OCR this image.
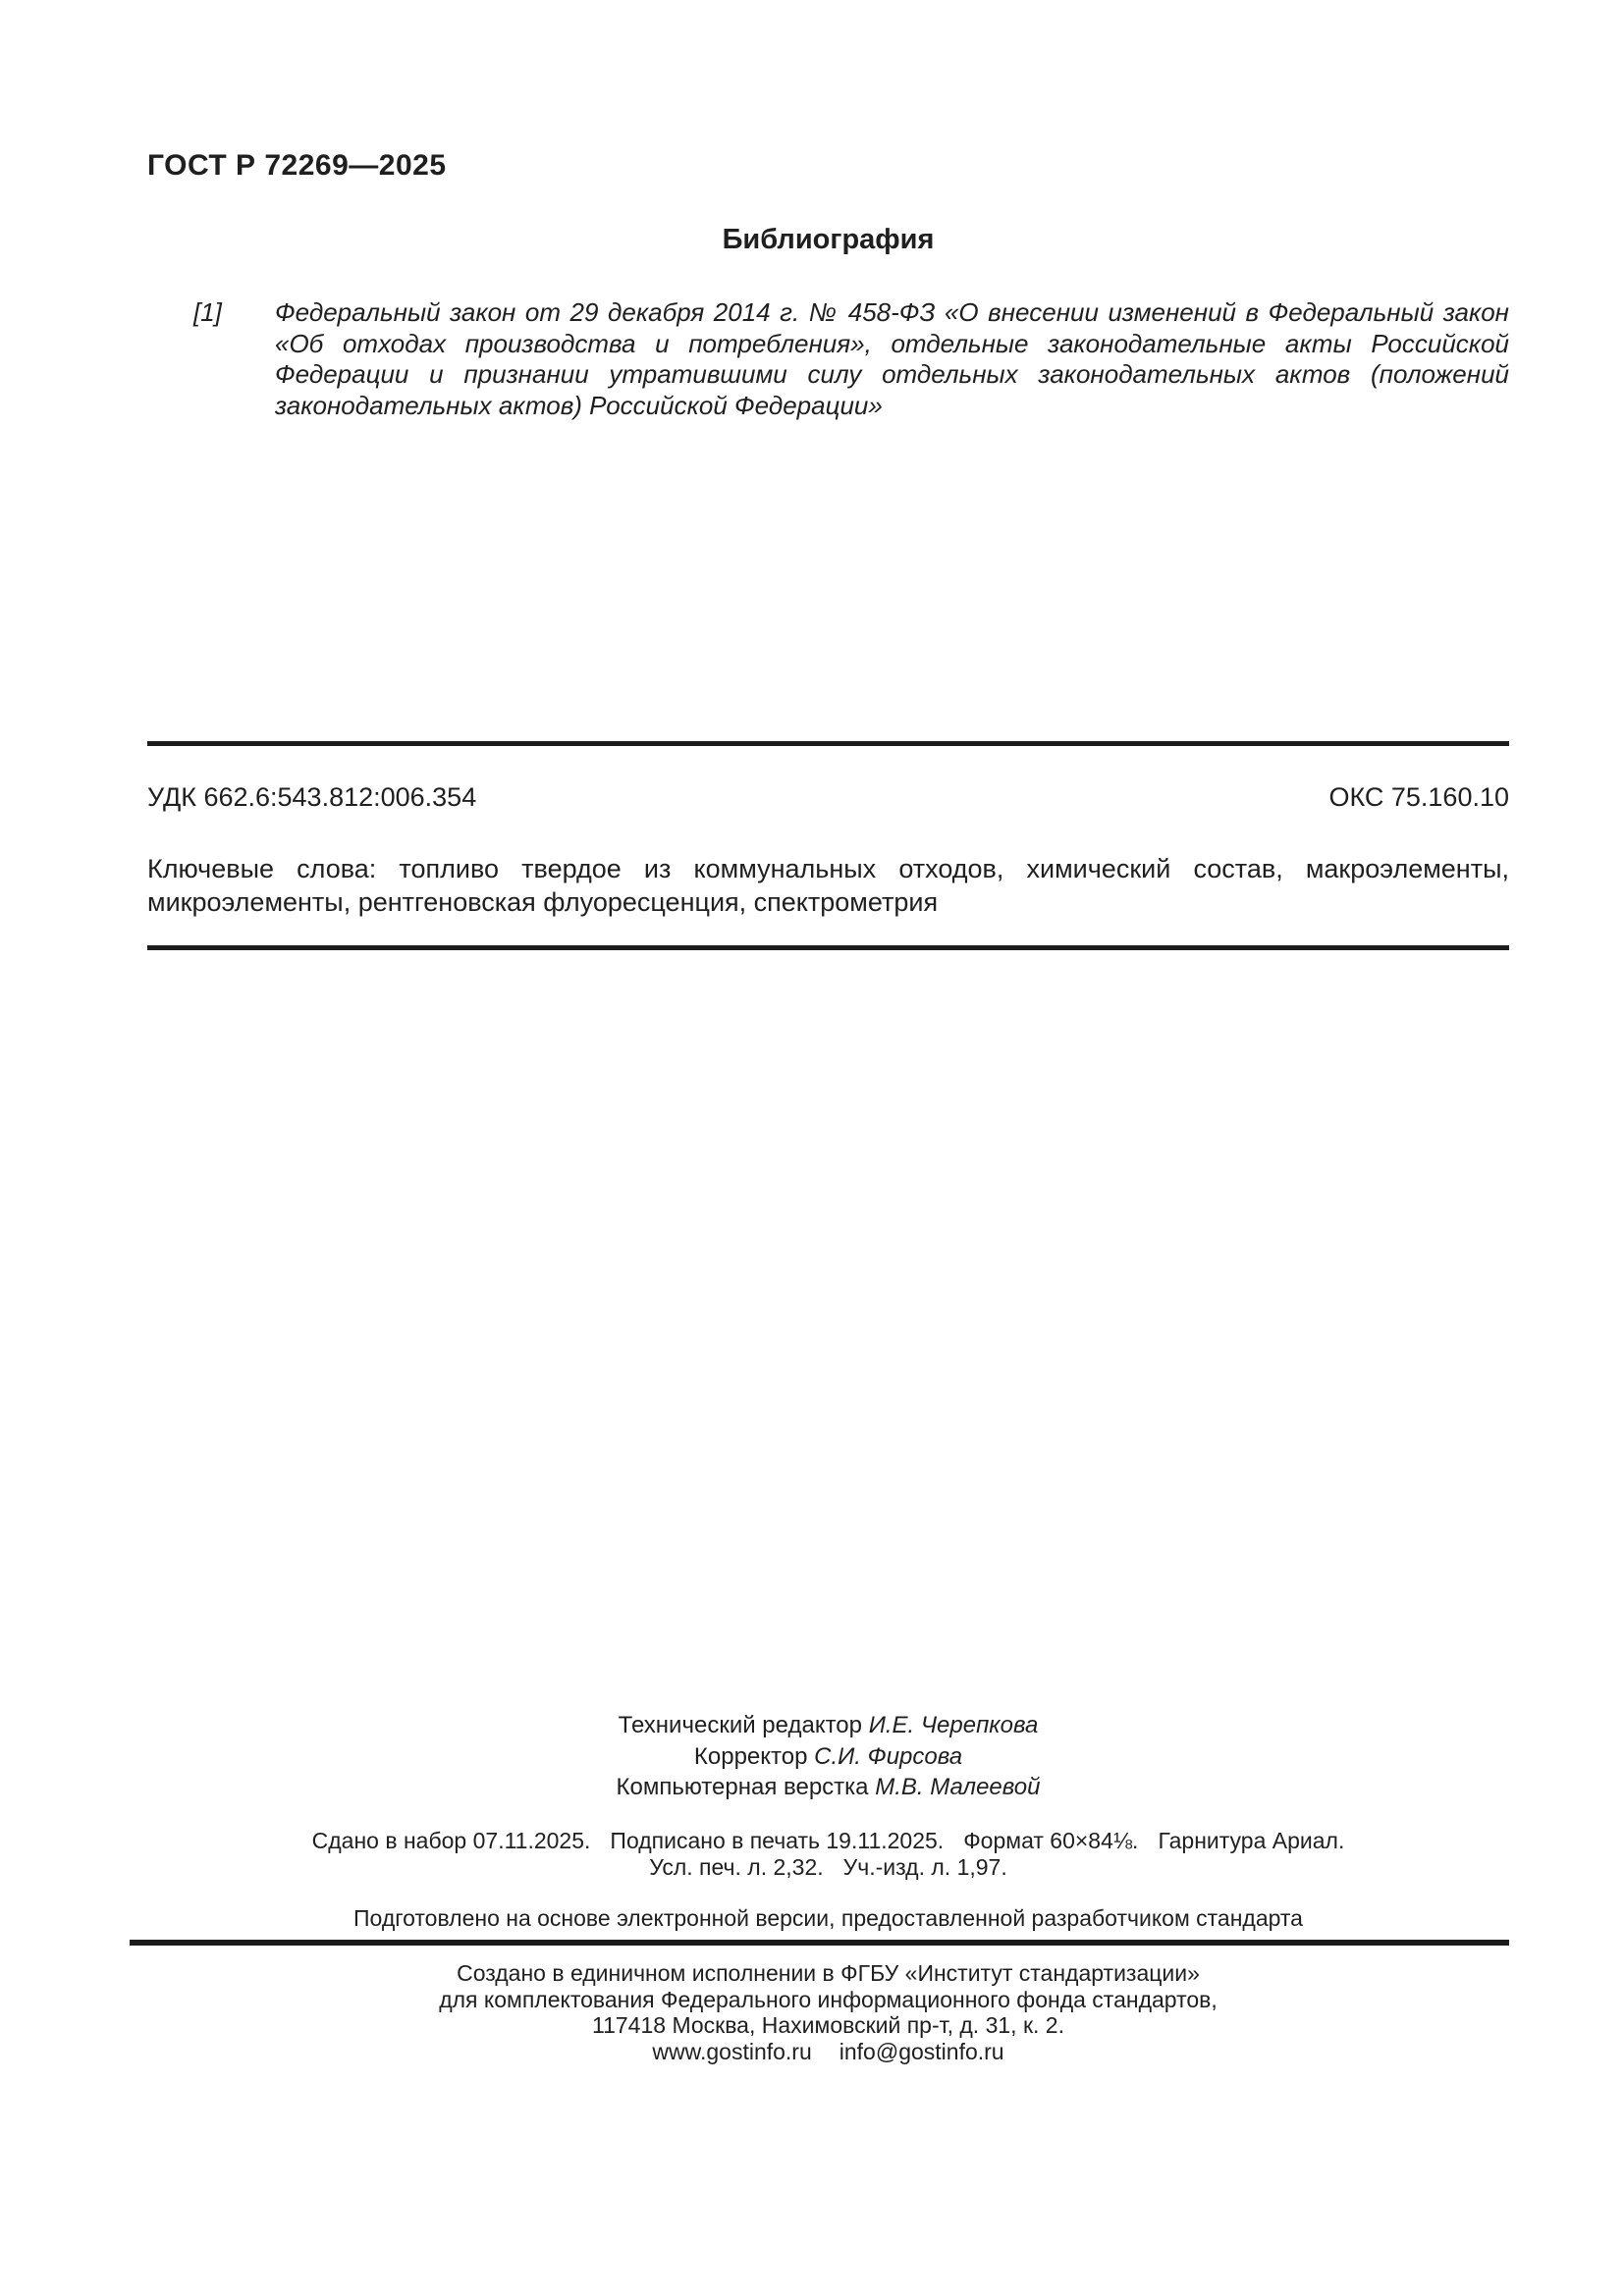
ГОСТ Р 72269—2025
Библиография
[1] Федеральный закон от 29 декабря 2014 г. № 458-ФЗ «О внесении изменений в Федеральный закон «Об отходах производства и потребления», отдельные законодательные акты Российской Федерации и признании утратившими силу отдельных законодательных актов (положений законодательных актов) Российской Федерации»
УДК 662.6:543.812:006.354	ОКС 75.160.10
Ключевые слова: топливо твердое из коммунальных отходов, химический состав, макроэлементы, микроэлементы, рентгеновская флуоресценция, спектрометрия
Технический редактор И.Е. Черепкова
Корректор С.И. Фирсова
Компьютерная верстка М.В. Малеевой
Сдано в набор 07.11.2025. Подписано в печать 19.11.2025. Формат 60×84⅛. Гарнитура Ариал.
Усл. печ. л. 2,32. Уч.-изд. л. 1,97.
Подготовлено на основе электронной версии, предоставленной разработчиком стандарта
Создано в единичном исполнении в ФГБУ «Институт стандартизации»
для комплектования Федерального информационного фонда стандартов,
117418 Москва, Нахимовский пр-т, д. 31, к. 2.
www.gostinfo.ru info@gostinfo.ru
